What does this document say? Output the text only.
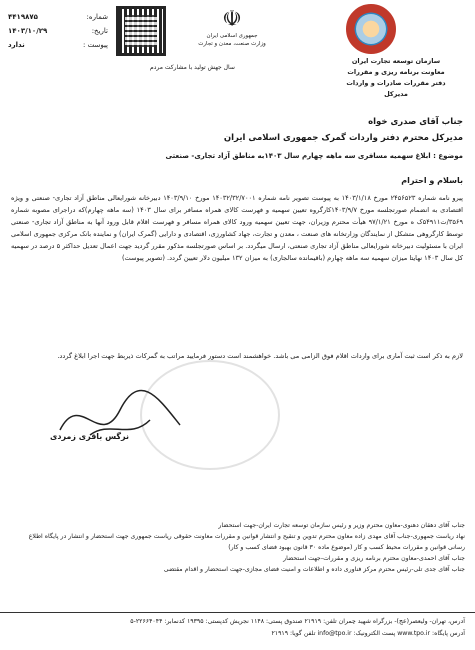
شماره:
۴۴۱۹۸۷۵
تاریخ:
۱۴۰۳/۱۰/۲۹
پیوست :
ندارد
☫
جمهوری اسلامی ایران
وزارت صنعت، معدن و تجارت
سازمان توسعه تجارت ایران
معاونت برنامه ریزی و مقررات
دفتر مقررات صادرات و واردات
مدیرکل
سال جهش تولید با مشارکت مردم
جناب آقای صدری خواه
مدیرکل محترم دفتر واردات گمرک جمهوری اسلامی ایران
موضوع : ابلاغ سهمیه مسافری سه ماهه چهارم سال ۱۴۰۳به مناطق آزاد تجاری- صنعتی
باسلام و احترام
پیرو نامه شماره ۲۴۵۶۵۲۳ مورخ ۱۴۰۳/۱/۱۸ به پیوست تصویر نامه شماره ۱۴۰۳۲/۳۲/۷۰۰۱ مورخ ۱۴۰۳/۹/۱۰ دبیرخانه شورایعالی مناطق آزاد تجاری- صنعتی و ویژه اقتصادی به انضمام صورتجلسه مورخ ۱۴۰۳/۹/۷کارگروه تعیین سهمیه و فهرست کالای همراه مسافر برای سال ۱۴۰۳ (سه ماهه چهارم)که دراجرای مصوبه شماره ۳۵۶۹/ت۵۴۹۱۱ک ه مورخ ۹۷/۱/۲۱ هیأت محترم وزیران، جهت تعیین سهمیه ورود کالای همراه مسافر و فهرست اقلام قابل ورود آنها به مناطق آزاد تجاری- صنعتی توسط کارگروهی متشکل از نمایندگان وزارتخانه های صنعت ، معدن و تجارت، جهاد کشاورزی، اقتصادی و دارایی (گمرک ایران) و نماینده بانک مرکزی جمهوری اسلامی ایران با مسئولیت دبیرخانه شورایعالی مناطق آزاد تجاری صنعتی، ارسال میگردد. بر اساس صورتجلسه مذکور مقرر گردید جهت اعمال تعدیل حداکثر ۵ درصد در سهمیه کل سال ۱۴۰۳ نهایتا میزان سهمیه سه ماهه چهارم (باقیمانده سالجاری) به میزان ۱۳۲ میلیون دلار تعیین گردد. (تصویر پیوست)
لازم به ذکر است ثبت آماری برای واردات اقلام فوق الزامی می باشد. خواهشمند است دستور فرمایید مراتب به گمرکات ذیربط جهت اجرا ابلاغ گردد.
نرگس باقری زمردی
جناب آقای دهقان دهنوی-معاون محترم وزیر و رئیس سازمان توسعه تجارت ایران-جهت استحضار
نهاد ریاست جمهوری-جناب آقای مهدی زاده معاون محترم تدوین و تنقیح و انتشار قوانین و مقررات معاونت حقوقی ریاست جمهوری جهت استحضار و انتشار در پایگاه اطلاع رسانی قوانین و مقررات محیط کسب و کار (موضوع ماده ۳۰ قانون بهبود فضای کسب و کار)
جناب آقای احمدی-معاون محترم برنامه ریزی و مقررات-جهت استحضار
جناب آقای جدی تلی-رئیس محترم مرکز فناوری داده و اطلاعات و امنیت فضای مجازی-جهت استحضار و اقدام مقتضی
آدرس، تهران- ولیعصر(عج)- بزرگراه شهید چمران تلفن: ۲۱۹۱۹ صندوق پستی: ۱۱۴۸ نجریش کدپستی: ۱۹۳۹۵ کدنمابر: ۲۲۶۶۴۰۴۴-۵
آدرس پایگاه: www.tpo.ir پست الکترونیک: info@tpo.ir تلفن گویا: ۲۱۹۱۹
